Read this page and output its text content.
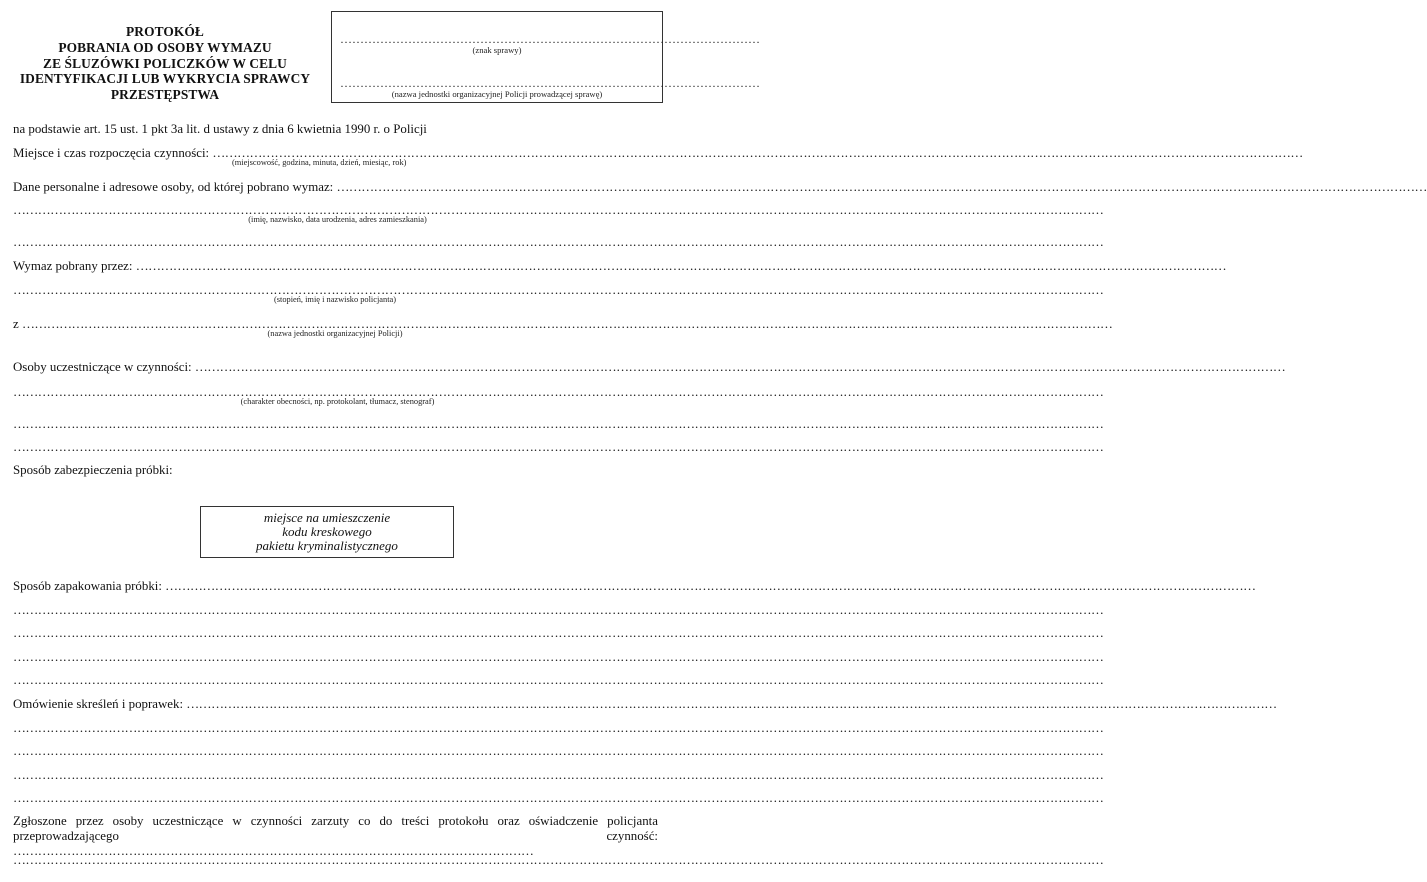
PROTOKÓŁ
POBRANIA OD OSOBY WYMAZU
ZE ŚLUZÓWKI POLICZKÓW W CELU
IDENTYFIKACJI LUB WYKRYCIA SPRAWCY
PRZESTĘPSTWA
……………………………………………………………………………………………
(znak sprawy)
……………………………………………………………………………………………
(nazwa jednostki organizacyjnej Policji prowadzącej sprawę)
na podstawie art. 15 ust. 1 pkt 3a lit. d ustawy z dnia 6 kwietnia 1990 r. o Policji
Miejsce i czas rozpoczęcia czynności: …………………………………………………………………………………………………………………………………………………………………………………………………………………………………………
(miejscowość, godzina, minuta, dzień, miesiąc, rok)
Dane personalne i adresowe osoby, od której pobrano wymaz: …………………………………………………………………………………………………………………………………………………………………………………………………………………………………………
…………………………………………………………………………………………………………………………………………………………………………………………………………………………………………
(imię, nazwisko, data urodzenia, adres zamieszkania)
…………………………………………………………………………………………………………………………………………………………………………………………………………………………………………
Wymaz pobrany przez: …………………………………………………………………………………………………………………………………………………………………………………………………………………………………………
…………………………………………………………………………………………………………………………………………………………………………………………………………………………………………
(stopień, imię i nazwisko policjanta)
z …………………………………………………………………………………………………………………………………………………………………………………………………………………………………………
(nazwa jednostki organizacyjnej Policji)
Osoby uczestniczące w czynności: …………………………………………………………………………………………………………………………………………………………………………………………………………………………………………
…………………………………………………………………………………………………………………………………………………………………………………………………………………………………………
(charakter obecności, np. protokolant, tłumacz, stenograf)
…………………………………………………………………………………………………………………………………………………………………………………………………………………………………………
…………………………………………………………………………………………………………………………………………………………………………………………………………………………………………
Sposób zabezpieczenia próbki:
miejsce na umieszczenie
kodu kreskowego
pakietu kryminalistycznego
Sposób zapakowania próbki: …………………………………………………………………………………………………………………………………………………………………………………………………………………………………………
…………………………………………………………………………………………………………………………………………………………………………………………………………………………………………
…………………………………………………………………………………………………………………………………………………………………………………………………………………………………………
…………………………………………………………………………………………………………………………………………………………………………………………………………………………………………
…………………………………………………………………………………………………………………………………………………………………………………………………………………………………………
Omówienie skreśleń i poprawek: …………………………………………………………………………………………………………………………………………………………………………………………………………………………………………
…………………………………………………………………………………………………………………………………………………………………………………………………………………………………………
…………………………………………………………………………………………………………………………………………………………………………………………………………………………………………
…………………………………………………………………………………………………………………………………………………………………………………………………………………………………………
…………………………………………………………………………………………………………………………………………………………………………………………………………………………………………
Zgłoszone przez osoby uczestniczące w czynności zarzuty co do treści protokołu oraz oświadczenie policjanta przeprowadzającego czynność: ………………………………………………………………………………………………………………
…………………………………………………………………………………………………………………………………………………………………………………………………………………………………………
